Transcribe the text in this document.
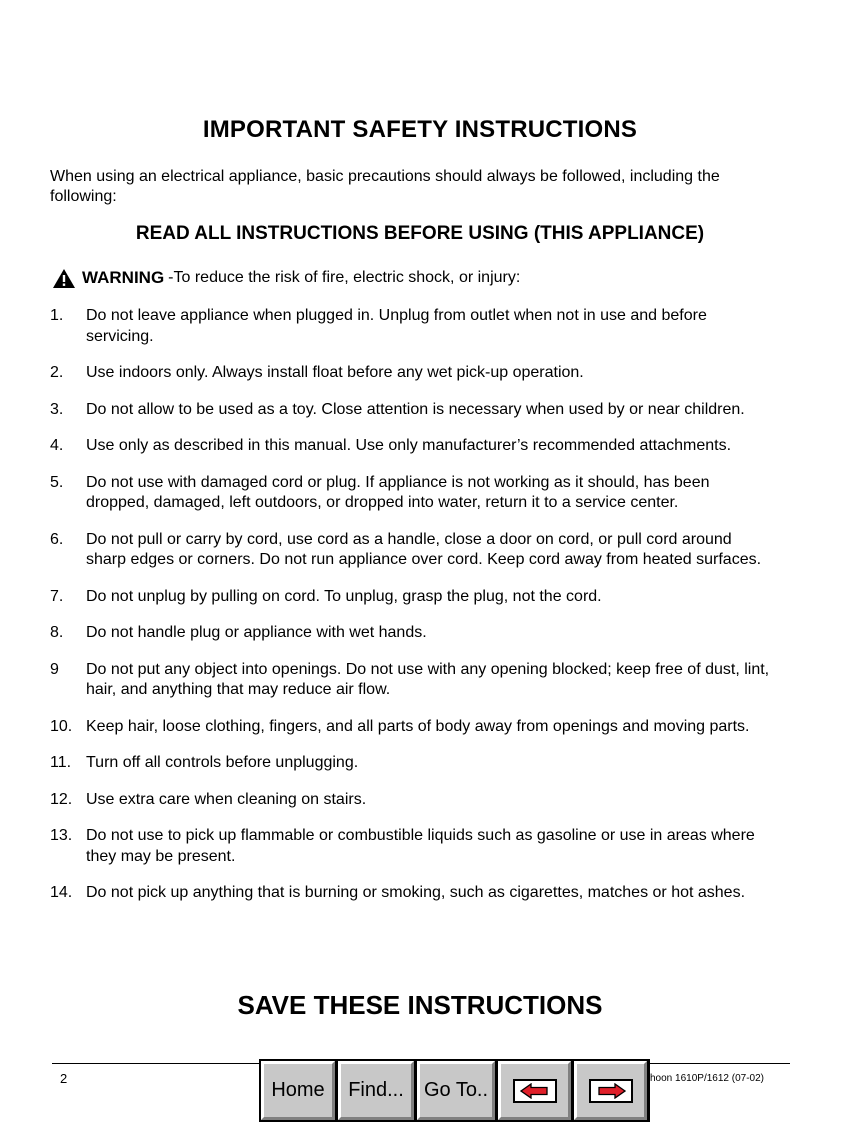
IMPORTANT SAFETY INSTRUCTIONS
When using an electrical appliance, basic precautions should always be followed, including the following:
READ ALL INSTRUCTIONS BEFORE USING (THIS APPLIANCE)
WARNING -To reduce the risk of fire, electric shock, or injury:
1.	Do not leave appliance when plugged in. Unplug from outlet when not in use and before servicing.
2.	Use indoors only. Always install float before any wet pick-up operation.
3.	Do not allow to be used as a toy. Close attention is necessary when used by or near children.
4.	Use only as described in this manual. Use only manufacturer’s recommended attachments.
5.	Do not use with damaged cord or plug. If appliance is not working as it should, has been dropped, damaged, left outdoors, or dropped into water, return it to a service center.
6.	Do not pull or carry by cord, use cord as a handle, close a door on cord, or pull cord around sharp edges or corners. Do not run appliance over cord. Keep cord away from heated surfaces.
7.	Do not unplug by pulling on cord. To unplug, grasp the plug, not the cord.
8.	Do not handle plug or appliance with wet hands.
9	Do not put any object into openings. Do not use with any opening blocked; keep free of dust, lint, hair, and anything that may reduce air flow.
10. Keep hair, loose clothing, fingers, and all parts of body away from openings and moving parts.
11. Turn off all controls before unplugging.
12. Use extra care when cleaning on stairs.
13. Do not use to pick up flammable or combustible liquids such as gasoline or use in areas where they may be present.
14. Do not pick up anything that is burning or smoking, such as cigarettes, matches or hot ashes.
SAVE THESE INSTRUCTIONS
2	hoon 1610P/1612 (07-02)
Home	Find...	Go To..
